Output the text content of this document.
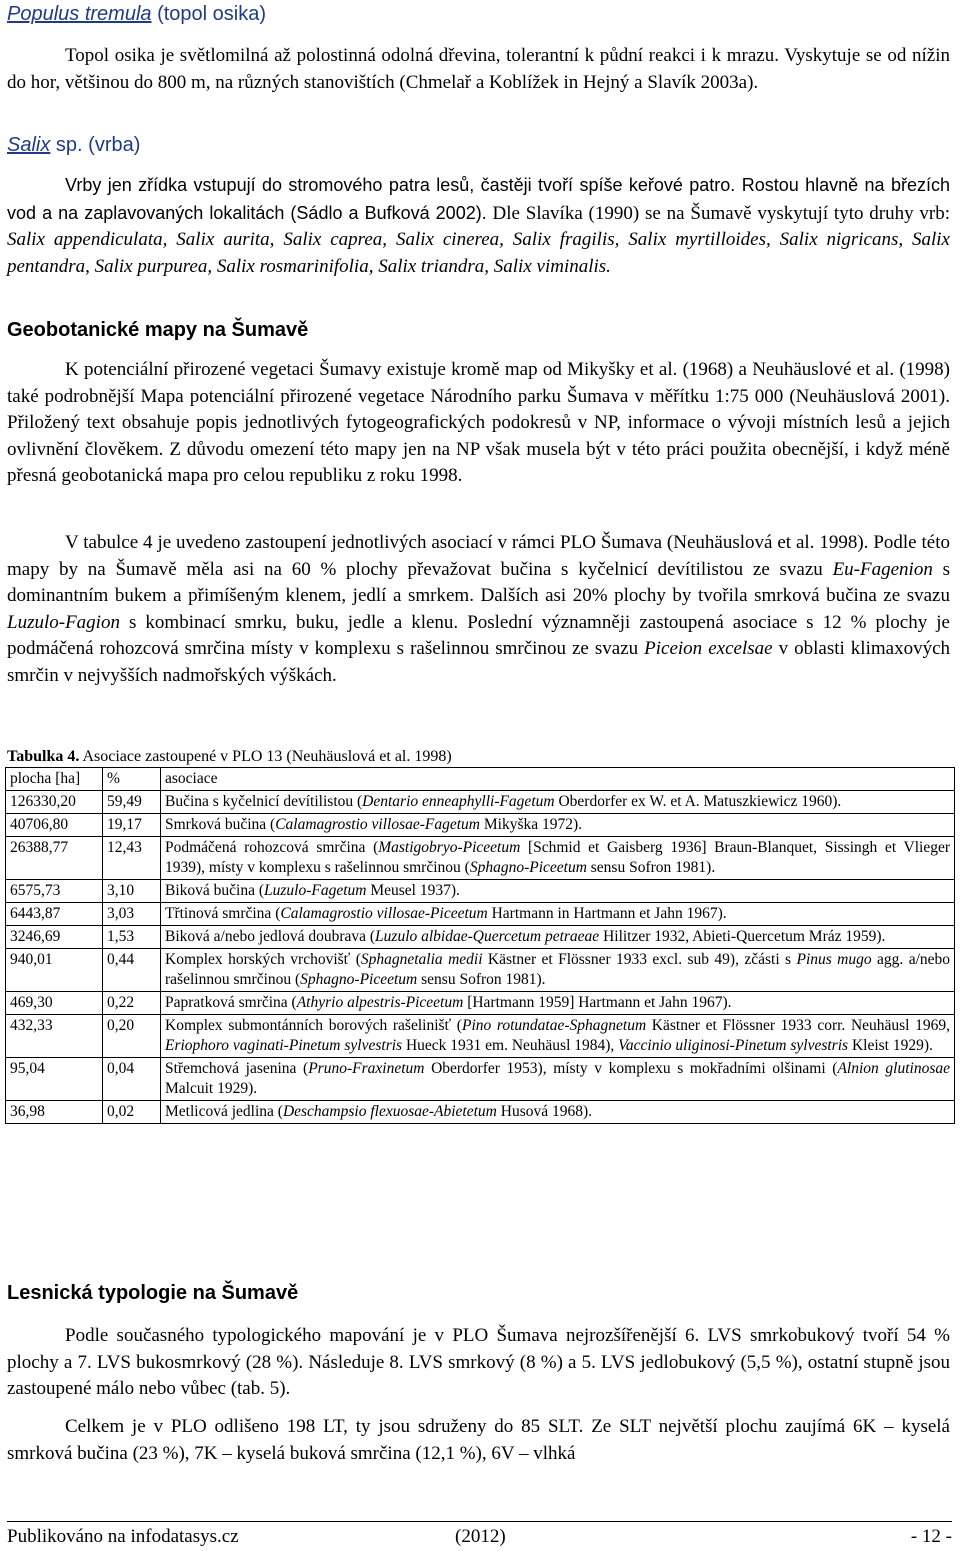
Populus tremula (topol osika)
Topol osika je světlomilná až polostinná odolná dřevina, tolerantní k půdní reakci i k mrazu. Vyskytuje se od nížin do hor, většinou do 800 m, na různých stanovištích (Chmelař a Koblížek in Hejný a Slavík 2003a).
Salix sp. (vrba)
Vrby jen zřídka vstupují do stromového patra lesů, častěji tvoří spíše keřové patro. Rostou hlavně na březích vod a na zaplavovaných lokalitách (Sádlo a Bufková 2002). Dle Slavíka (1990) se na Šumavě vyskytují tyto druhy vrb: Salix appendiculata, Salix aurita, Salix caprea, Salix cinerea, Salix fragilis, Salix myrtilloides, Salix nigricans, Salix pentandra, Salix purpurea, Salix rosmarinifolia, Salix triandra, Salix viminalis.
Geobotanické mapy na Šumavě
K potenciální přirozené vegetaci Šumavy existuje kromě map od Mikyšky et al. (1968) a Neuhäuslové et al. (1998) také podrobnější Mapa potenciální přirozené vegetace Národního parku Šumava v měřítku 1:75 000 (Neuhäuslová 2001). Přiložený text obsahuje popis jednotlivých fytogeografických podokresů v NP, informace o vývoji místních lesů a jejich ovlivnění člověkem. Z důvodu omezení této mapy jen na NP však musela být v této práci použita obecnější, i když méně přesná geobotanická mapa pro celou republiku z roku 1998.
V tabulce 4 je uvedeno zastoupení jednotlivých asociací v rámci PLO Šumava (Neuhäuslová et al. 1998). Podle této mapy by na Šumavě měla asi na 60 % plochy převažovat bučina s kyčelnicí devítilistou ze svazu Eu-Fagenion s dominantním bukem a přimíšeným klenem, jedlí a smrkem. Dalších asi 20% plochy by tvořila smrková bučina ze svazu Luzulo-Fagion s kombinací smrku, buku, jedle a klenu. Poslední významněji zastoupená asociace s 12 % plochy je podmáčená rohozcová smrčina místy v komplexu s rašelinnou smrčinou ze svazu Piceion excelsae v oblasti klimaxových smrčin v nejvyšších nadmořských výškách.
Tabulka 4. Asociace zastoupené v PLO 13 (Neuhäuslová et al. 1998)
plocha [ha]	%	asociace
126330,20	59,49	Bučina s kyčelnicí devítilistou (Dentario enneaphylli-Fagetum Oberdorfer ex W. et A. Matuszkiewicz 1960).
40706,80	19,17	Smrková bučina (Calamagrostio villosae-Fagetum Mikyška 1972).
26388,77	12,43	Podmáčená rohozcová smrčina (Mastigobryo-Piceetum [Schmid et Gaisberg 1936] Braun-Blanquet, Sissingh et Vlieger 1939), místy v komplexu s rašelinnou smrčinou (Sphagno-Piceetum sensu Sofron 1981).
6575,73	3,10	Biková bučina (Luzulo-Fagetum Meusel 1937).
6443,87	3,03	Třtinová smrčina (Calamagrostio villosae-Piceetum Hartmann in Hartmann et Jahn 1967).
3246,69	1,53	Biková a/nebo jedlová doubrava (Luzulo albidae-Quercetum petraeae Hilitzer 1932, Abieti-Quercetum Mráz 1959).
940,01	0,44	Komplex horských vrchovišť (Sphagnetalia medii Kästner et Flössner 1933 excl. sub 49), zčásti s Pinus mugo agg. a/nebo rašelinnou smrčinou (Sphagno-Piceetum sensu Sofron 1981).
469,30	0,22	Papratková smrčina (Athyrio alpestris-Piceetum [Hartmann 1959] Hartmann et Jahn 1967).
432,33	0,20	Komplex submontánních borových rašelinišť (Pino rotundatae-Sphagnetum Kästner et Flössner 1933 corr. Neuhäusl 1969, Eriophoro vaginati-Pinetum sylvestris Hueck 1931 em. Neuhäusl 1984), Vaccinio uliginosi-Pinetum sylvestris Kleist 1929).
95,04	0,04	Střemchová jasenina (Pruno-Fraxinetum Oberdorfer 1953), místy v komplexu s mokřadními olšinami (Alnion glutinosae Malcuit 1929).
36,98	0,02	Metlicová jedlina (Deschampsio flexuosae-Abietetum Husová 1968).
Lesnická typologie na Šumavě
Podle současného typologického mapování je v PLO Šumava nejrozšířenější 6. LVS smrkobukový tvoří 54 % plochy a 7. LVS bukosmrkový (28 %). Následuje 8. LVS smrkový (8 %) a 5. LVS jedlobukový (5,5 %), ostatní stupně jsou zastoupené málo nebo vůbec (tab. 5).
Celkem je v PLO odlišeno 198 LT, ty jsou sdruženy do 85 SLT. Ze SLT největší plochu zaujímá 6K – kyselá smrková bučina (23 %), 7K – kyselá buková smrčina (12,1 %), 6V – vlhká
Publikováno na infodatasys.cz	(2012)	- 12 -
